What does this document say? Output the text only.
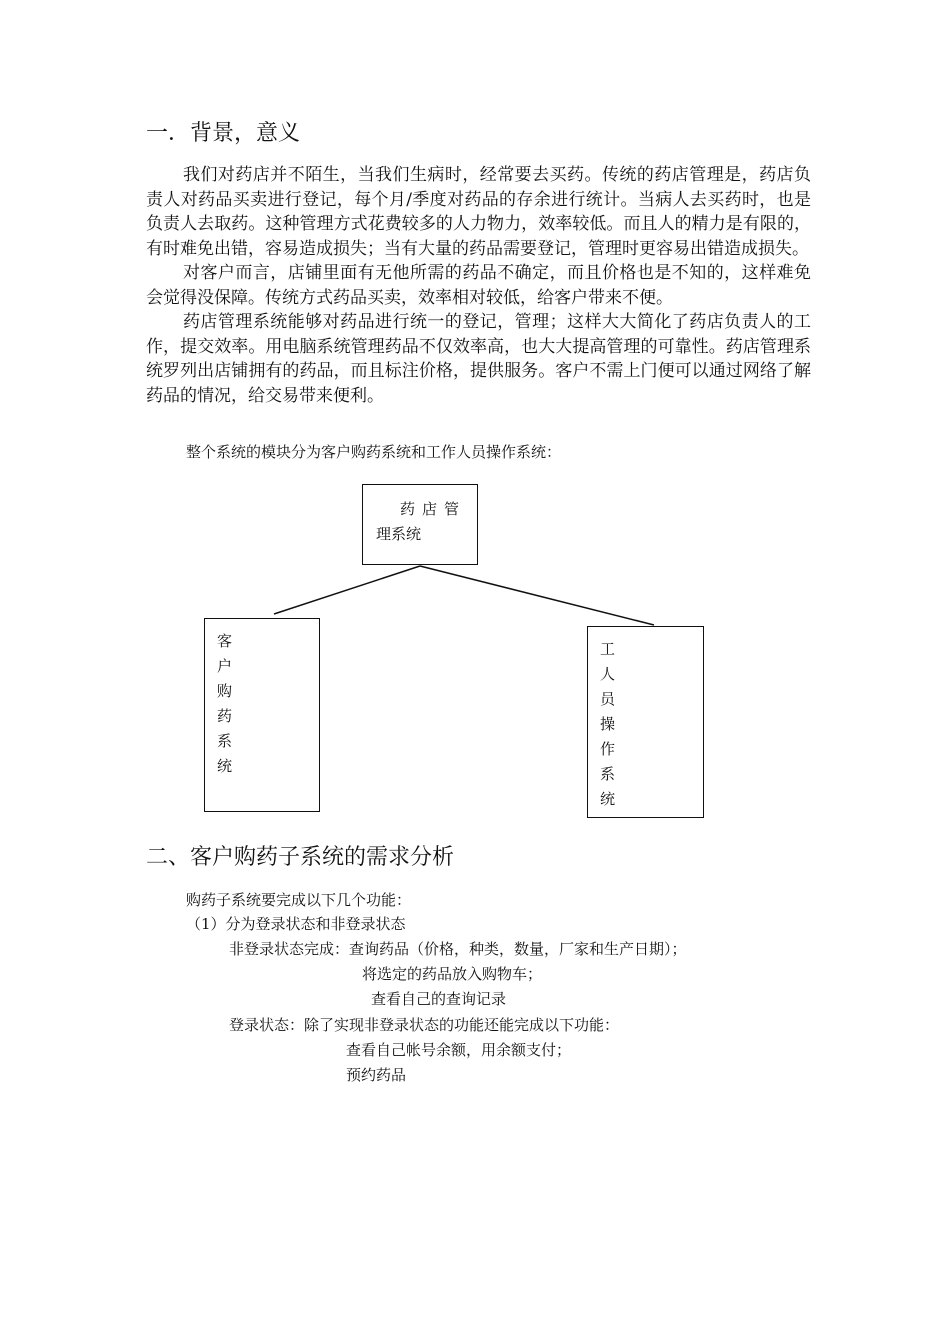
一．背景，意义

我们对药店并不陌生，当我们生病时，经常要去买药。传统的药店管理是，药店负责人对药品买卖进行登记，每个月/季度对药品的存余进行统计。当病人去买药时，也是负责人去取药。这种管理方式花费较多的人力物力，效率较低。而且人的精力是有限的，有时难免出错，容易造成损失；当有大量的药品需要登记，管理时更容易出错造成损失。

对客户而言，店铺里面有无他所需的药品不确定，而且价格也是不知的，这样难免会觉得没保障。传统方式药品买卖，效率相对较低，给客户带来不便。

药店管理系统能够对药品进行统一的登记，管理；这样大大简化了药店负责人的工作，提交效率。用电脑系统管理药品不仅效率高，也大大提高管理的可靠性。药店管理系统罗列出店铺拥有的药品，而且标注价格，提供服务。客户不需上门便可以通过网络了解药品的情况，给交易带来便利。

整个系统的模块分为客户购药系统和工作人员操作系统：
药店管
理系统
客户购药系统
工人员操作系统
二、客户购药子系统的需求分析
购药子系统要完成以下几个功能：
（1）分为登录状态和非登录状态
非登录状态完成：查询药品（价格，种类，数量，厂家和生产日期）；
将选定的药品放入购物车；
查看自己的查询记录
登录状态：除了实现非登录状态的功能还能完成以下功能：
查看自己帐号余额，用余额支付；
预约药品
